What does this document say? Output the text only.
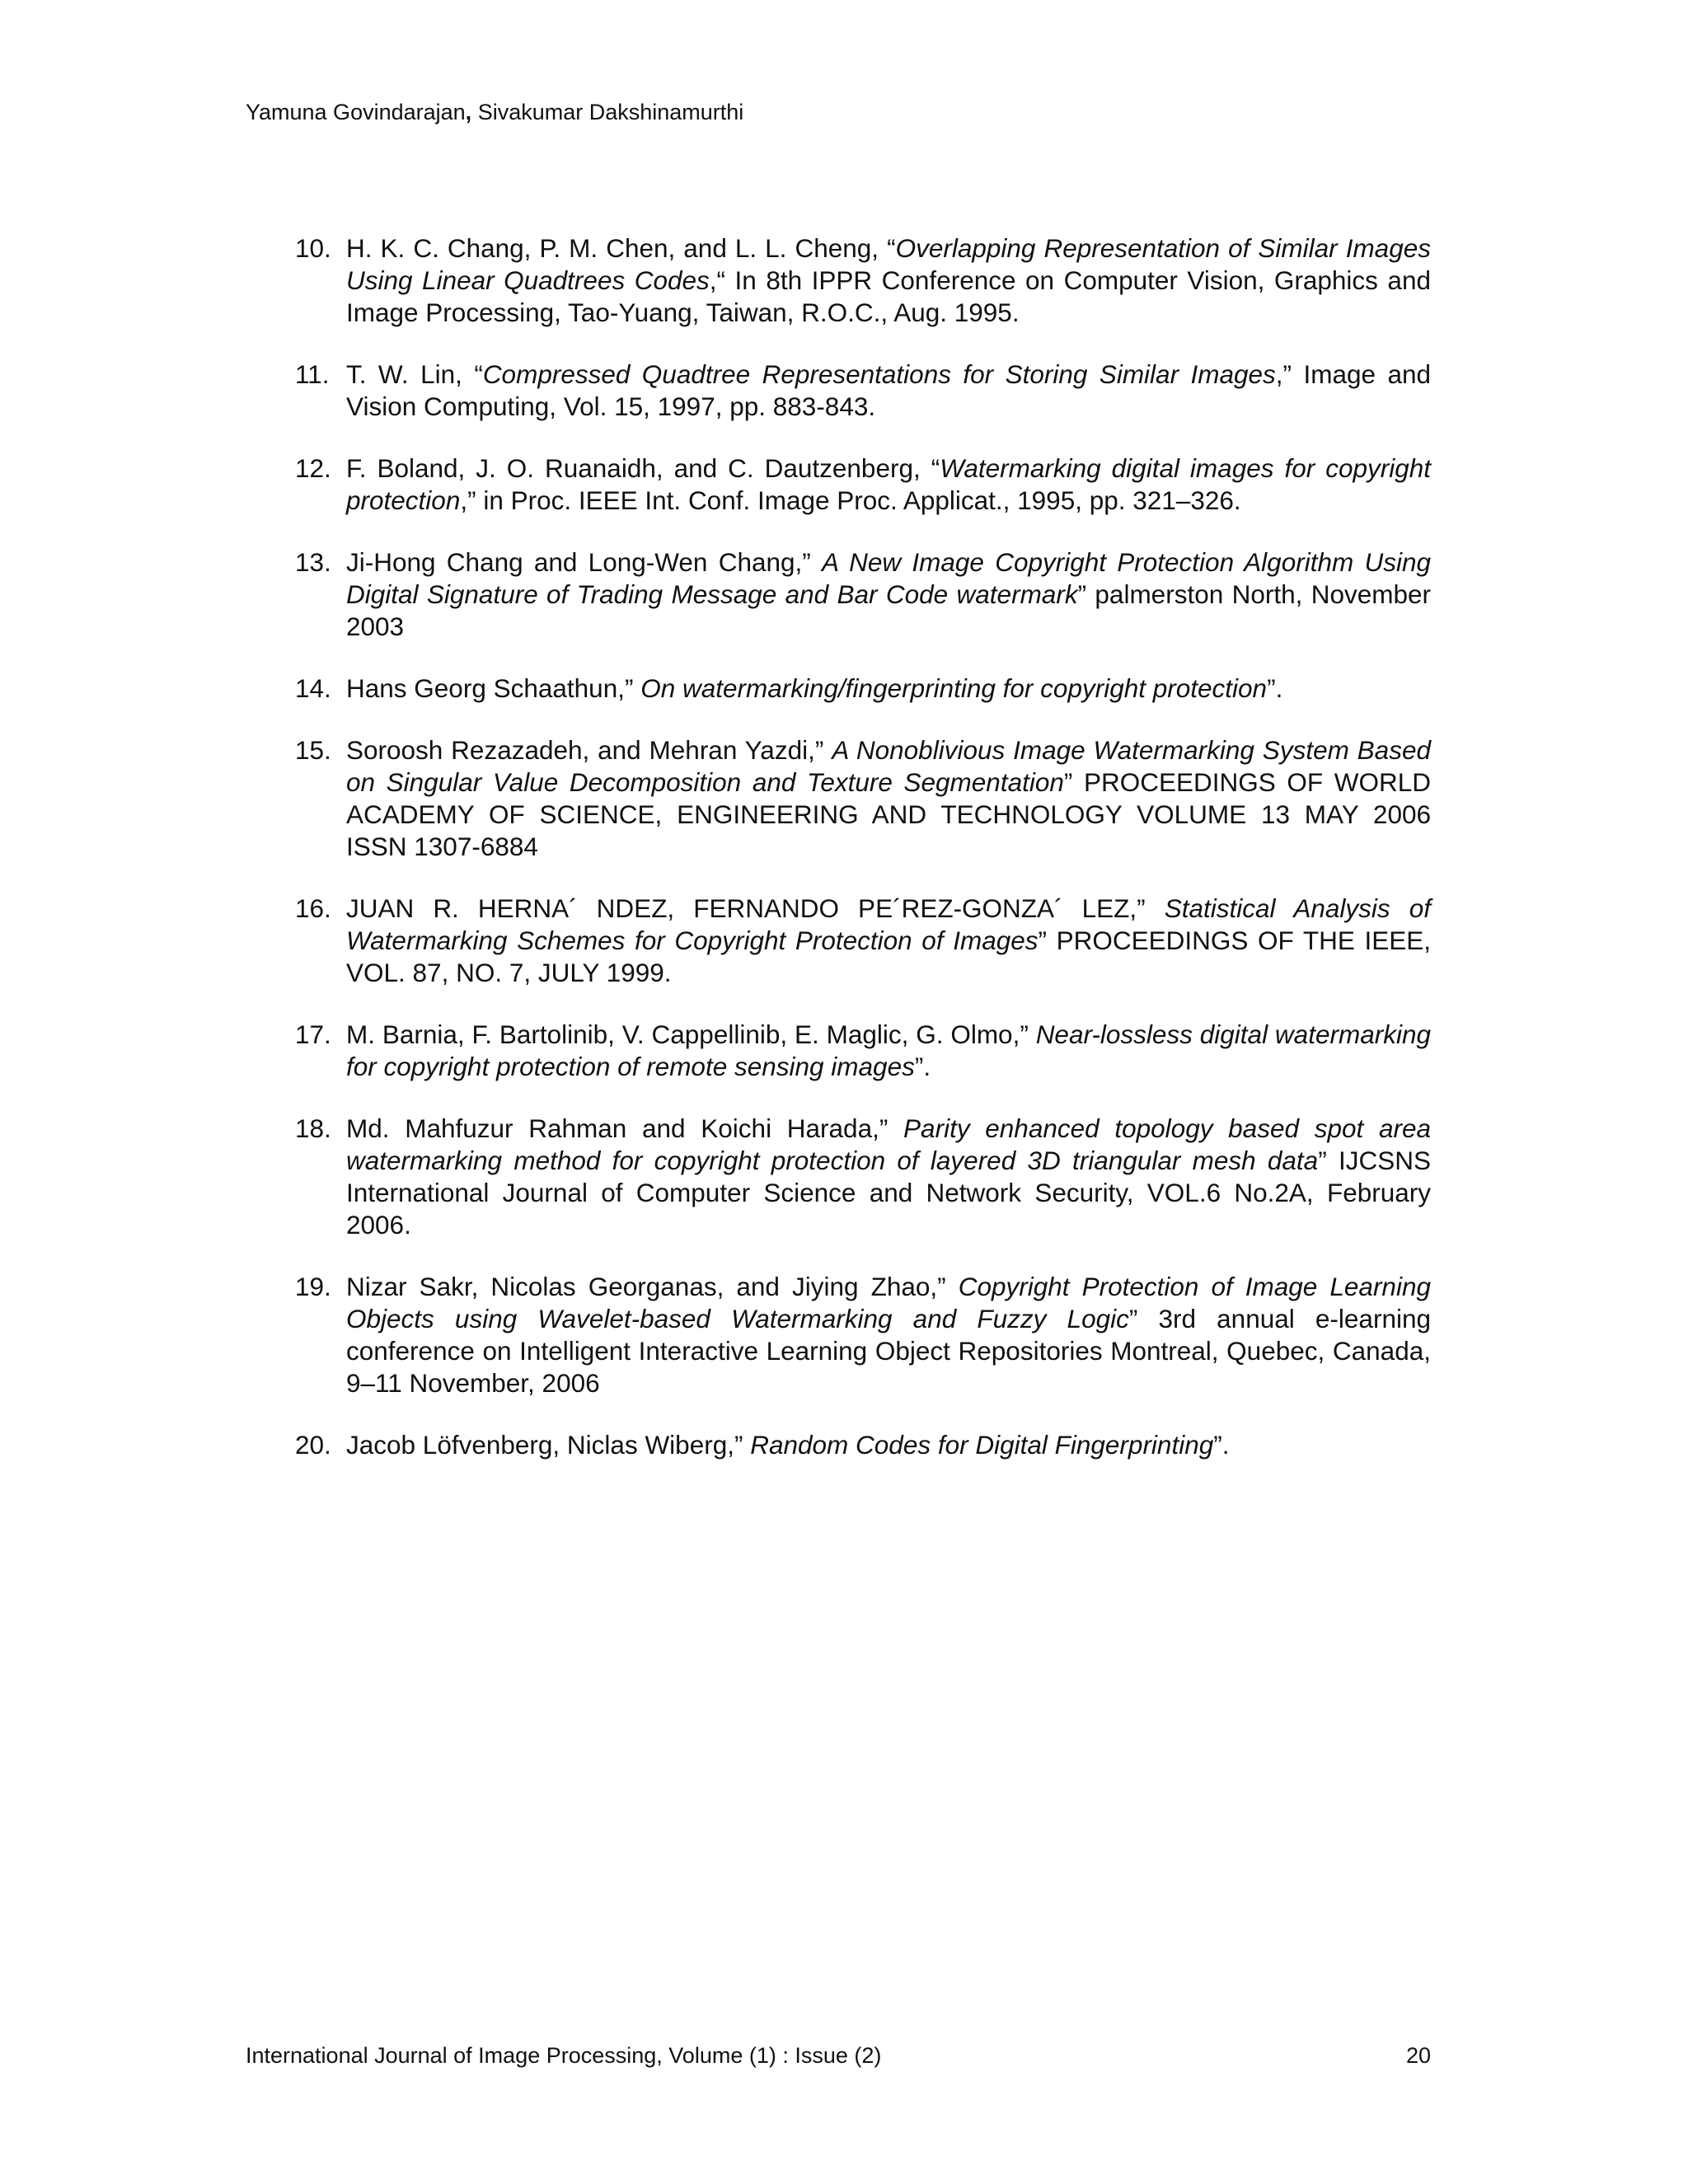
Yamuna Govindarajan, Sivakumar Dakshinamurthi
10. H. K. C. Chang, P. M. Chen, and L. L. Cheng, “Overlapping Representation of Similar Images Using Linear Quadtrees Codes,“ In 8th IPPR Conference on Computer Vision, Graphics and Image Processing, Tao-Yuang, Taiwan, R.O.C., Aug. 1995.
11. T. W. Lin, “Compressed Quadtree Representations for Storing Similar Images,” Image and Vision Computing, Vol. 15, 1997, pp. 883-843.
12. F. Boland, J. O. Ruanaidh, and C. Dautzenberg, “Watermarking digital images for copyright protection,” in Proc. IEEE Int. Conf. Image Proc. Applicat., 1995, pp. 321–326.
13. Ji-Hong Chang and Long-Wen Chang,” A New Image Copyright Protection Algorithm Using Digital Signature of Trading Message and Bar Code watermark” palmerston North, November 2003
14. Hans Georg Schaathun,” On watermarking/fingerprinting for copyright protection”.
15. Soroosh Rezazadeh, and Mehran Yazdi,” A Nonoblivious Image Watermarking System Based on Singular Value Decomposition and Texture Segmentation” PROCEEDINGS OF WORLD ACADEMY OF SCIENCE, ENGINEERING AND TECHNOLOGY VOLUME 13 MAY 2006 ISSN 1307-6884
16. JUAN R. HERNA´ NDEZ, FERNANDO PE´REZ-GONZA´ LEZ,” Statistical Analysis of Watermarking Schemes for Copyright Protection of Images” PROCEEDINGS OF THE IEEE, VOL. 87, NO. 7, JULY 1999.
17. M. Barnia, F. Bartolinib, V. Cappellinib, E. Maglic, G. Olmo,” Near-lossless digital watermarking for copyright protection of remote sensing images”.
18. Md. Mahfuzur Rahman and Koichi Harada,” Parity enhanced topology based spot area watermarking method for copyright protection of layered 3D triangular mesh data” IJCSNS International Journal of Computer Science and Network Security, VOL.6 No.2A, February 2006.
19. Nizar Sakr, Nicolas Georganas, and Jiying Zhao,” Copyright Protection of Image Learning Objects using Wavelet-based Watermarking and Fuzzy Logic” 3rd annual e-learning conference on Intelligent Interactive Learning Object Repositories Montreal, Quebec, Canada, 9–11 November, 2006
20. Jacob Löfvenberg, Niclas Wiberg,” Random Codes for Digital Fingerprinting”.
International Journal of Image Processing, Volume (1) : Issue (2)	20
